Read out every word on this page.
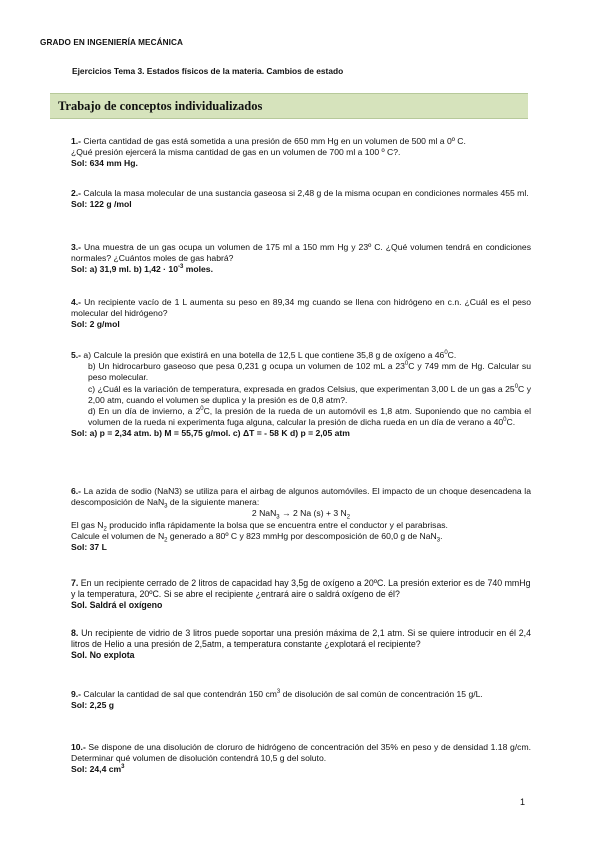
GRADO EN INGENIERÍA MECÁNICA
Ejercicios Tema 3. Estados físicos de la materia. Cambios de estado
Trabajo de conceptos individualizados

1.- Cierta cantidad de gas está sometida a una presión de 650 mm Hg en un volumen de 500 ml a 0º C.

¿Qué presión ejercerá la misma cantidad de gas en un volumen de 700 ml a 100 º C?.

Sol: 634 mm Hg.

2.- Calcula la masa molecular de una sustancia gaseosa si 2,48 g de la misma ocupan en condiciones normales 455 ml.

Sol: 122 g /mol

3.- Una muestra de un gas ocupa un volumen de 175 ml a 150 mm Hg y 23º C. ¿Qué volumen tendrá en condiciones normales? ¿Cuántos moles de gas habrá?

Sol: a) 31,9 ml. b) $1,42 \cdot 10^{-3}$ moles.

4.- Un recipiente vacío de 1 L aumenta su peso en 89,34 mg cuando se llena con hidrógeno en c.n. ¿Cuál es el peso molecular del hidrógeno?

Sol: 2 g/mol

5.- a) Calcule la presión que existirá en una botella de 12,5 L que contiene 35,8 g de oxígeno a $46^0C$.

b) Un hidrocarburo gaseoso que pesa 0,231 g ocupa un volumen de 102 mL a $23^0C$ y 749 mm de Hg. Calcular su peso molecular.

c) ¿Cuál es la variación de temperatura, expresada en grados Celsius, que experimentan 3,00 L de un gas a $25^0C$ y 2,00 atm, cuando el volumen se duplica y la presión es de 0,8 atm?.

d) En un día de invierno, a $2^0C$, la presión de la rueda de un automóvil es 1,8 atm. Suponiendo que no cambia el volumen de la rueda ni experimenta fuga alguna, calcular la presión de dicha rueda en un día de verano a $40^0C$.

Sol: a) p = 2,34 atm. b) M = 55,75 g/mol. c) ΔT = - 58 K d) p = 2,05 atm

6.- La azida de sodio (NaN3) se utiliza para el airbag de algunos automóviles. El impacto de un choque desencadena la descomposición de NaN$_3$ de la siguiente manera:

2 NaN$_3$ → 2 Na (s) + 3 $N_2$

El gas $N_2$ producido infla rápidamente la bolsa que se encuentra entre el conductor y el parabrisas.

Calcule el volumen de $N_2$ generado a 80º C y 823 mmHg por descomposición de 60,0 g de NaN$_3$.

Sol: 37 L

7. En un recipiente cerrado de 2 litros de capacidad hay 3,5g de oxígeno a 20ºC. La presión exterior es de 740 mmHg y la temperatura, 20ºC. Si se abre el recipiente ¿entrará aire o saldrá oxígeno de él?

Sol. Saldrá el oxígeno

8. Un recipiente de vidrio de 3 litros puede soportar una presión máxima de 2,1 atm. Si se quiere introducir en él 2,4 litros de Helio a una presión de 2,5atm, a temperatura constante ¿explotará el recipiente?

Sol. No explota

9.- Calcular la cantidad de sal que contendrán 150 $cm^3$ de disolución de sal común de concentración 15 g/L.

Sol: 2,25 g

10.- Se dispone de una disolución de cloruro de hidrógeno de concentración del 35% en peso y de densidad 1.18 g/cm. Determinar qué volumen de disolución contendrá 10,5 g del soluto.

Sol: 24,4 $cm^3$

1
